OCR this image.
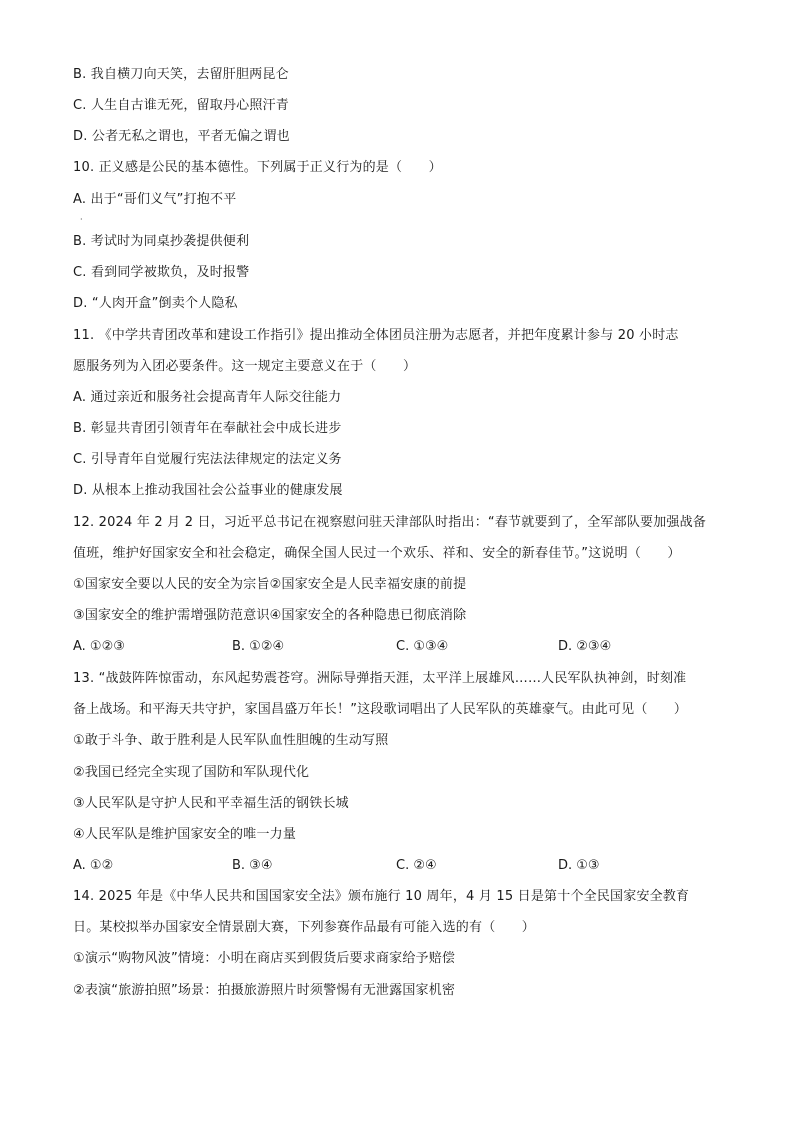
B. 我自横刀向天笑，去留肝胆两昆仑
C. 人生自古谁无死，留取丹心照汗青
D. 公者无私之谓也，平者无偏之谓也
10. 正义感是公民的基本德性。下列属于正义行为的是（　　）
A. 出于“哥们义气”打抱不平
·
B. 考试时为同桌抄袭提供便利
C. 看到同学被欺负，及时报警
D. “人肉开盒”倒卖个人隐私
11. 《中学共青团改革和建设工作指引》提出推动全体团员注册为志愿者，并把年度累计参与 20 小时志
愿服务列为入团必要条件。这一规定主要意义在于（　　）
A. 通过亲近和服务社会提高青年人际交往能力
B. 彰显共青团引领青年在奉献社会中成长进步
C. 引导青年自觉履行宪法法律规定的法定义务
D. 从根本上推动我国社会公益事业的健康发展
12. 2024 年 2 月 2 日，习近平总书记在视察慰问驻天津部队时指出：“春节就要到了，全军部队要加强战备
值班，维护好国家安全和社会稳定，确保全国人民过一个欢乐、祥和、安全的新春佳节。”这说明（　　）
①国家安全要以人民的安全为宗旨②国家安全是人民幸福安康的前提
③国家安全的维护需增强防范意识④国家安全的各种隐患已彻底消除
A. ①②③	B. ①②④	C. ①③④	D. ②③④
13. “战鼓阵阵惊雷动，东风起势震苍穹。洲际导弹指天涯，太平洋上展雄风……人民军队执神剑，时刻准
备上战场。和平海天共守护，家国昌盛万年长！”这段歌词唱出了人民军队的英雄豪气。由此可见（　　）
①敢于斗争、敢于胜利是人民军队血性胆魄的生动写照
②我国已经完全实现了国防和军队现代化
③人民军队是守护人民和平幸福生活的钢铁长城
④人民军队是维护国家安全的唯一力量
A. ①②	B. ③④	C. ②④	D. ①③
14. 2025 年是《中华人民共和国国家安全法》颁布施行 10 周年，4 月 15 日是第十个全民国家安全教育
日。某校拟举办国家安全情景剧大赛，下列参赛作品最有可能入选的有（　　）
①演示“购物风波”情境：小明在商店买到假货后要求商家给予赔偿
②表演“旅游拍照”场景：拍摄旅游照片时须警惕有无泄露国家机密
